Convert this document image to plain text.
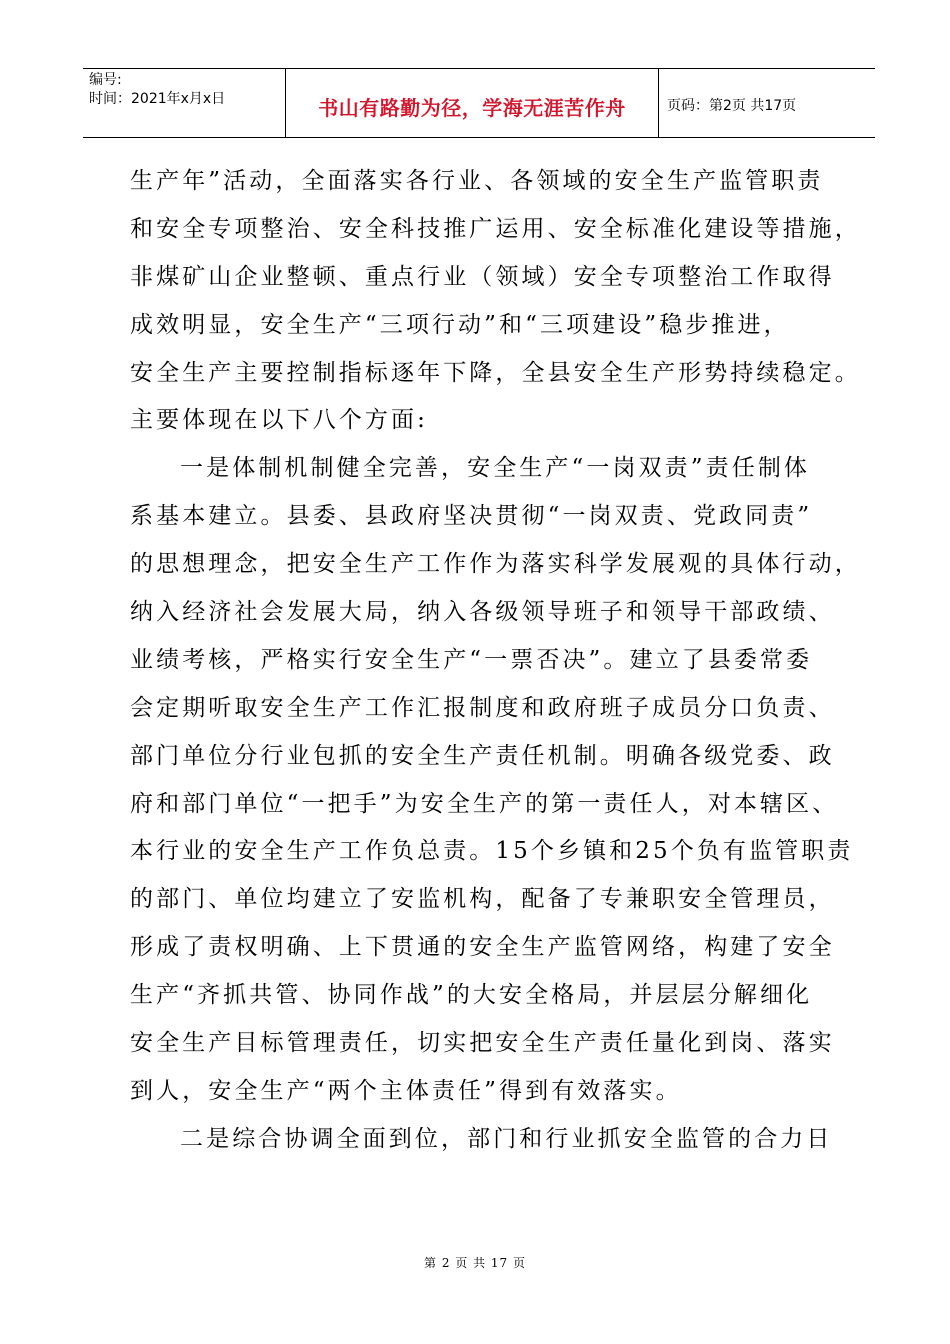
编号:
时间：2021年x月x日	书山有路勤为径，学海无涯苦作舟	页码：第2页 共17页
生产年”活动，全面落实各行业、各领域的安全生产监管职责
和安全专项整治、安全科技推广运用、安全标准化建设等措施，
非煤矿山企业整顿、重点行业（领域）安全专项整治工作取得
成效明显，安全生产“三项行动”和“三项建设”稳步推进，
安全生产主要控制指标逐年下降，全县安全生产形势持续稳定。
主要体现在以下八个方面:
一是体制机制健全完善，安全生产“一岗双责”责任制体
系基本建立。县委、县政府坚决贯彻“一岗双责、党政同责”
的思想理念，把安全生产工作作为落实科学发展观的具体行动，
纳入经济社会发展大局，纳入各级领导班子和领导干部政绩、
业绩考核，严格实行安全生产“一票否决”。建立了县委常委
会定期听取安全生产工作汇报制度和政府班子成员分口负责、
部门单位分行业包抓的安全生产责任机制。明确各级党委、政
府和部门单位“一把手”为安全生产的第一责任人，对本辖区、
本行业的安全生产工作负总责。15个乡镇和25个负有监管职责
的部门、单位均建立了安监机构，配备了专兼职安全管理员，
形成了责权明确、上下贯通的安全生产监管网络，构建了安全
生产“齐抓共管、协同作战”的大安全格局，并层层分解细化
安全生产目标管理责任，切实把安全生产责任量化到岗、落实
到人，安全生产“两个主体责任”得到有效落实。
二是综合协调全面到位，部门和行业抓安全监管的合力日
第 2 页 共 17 页
